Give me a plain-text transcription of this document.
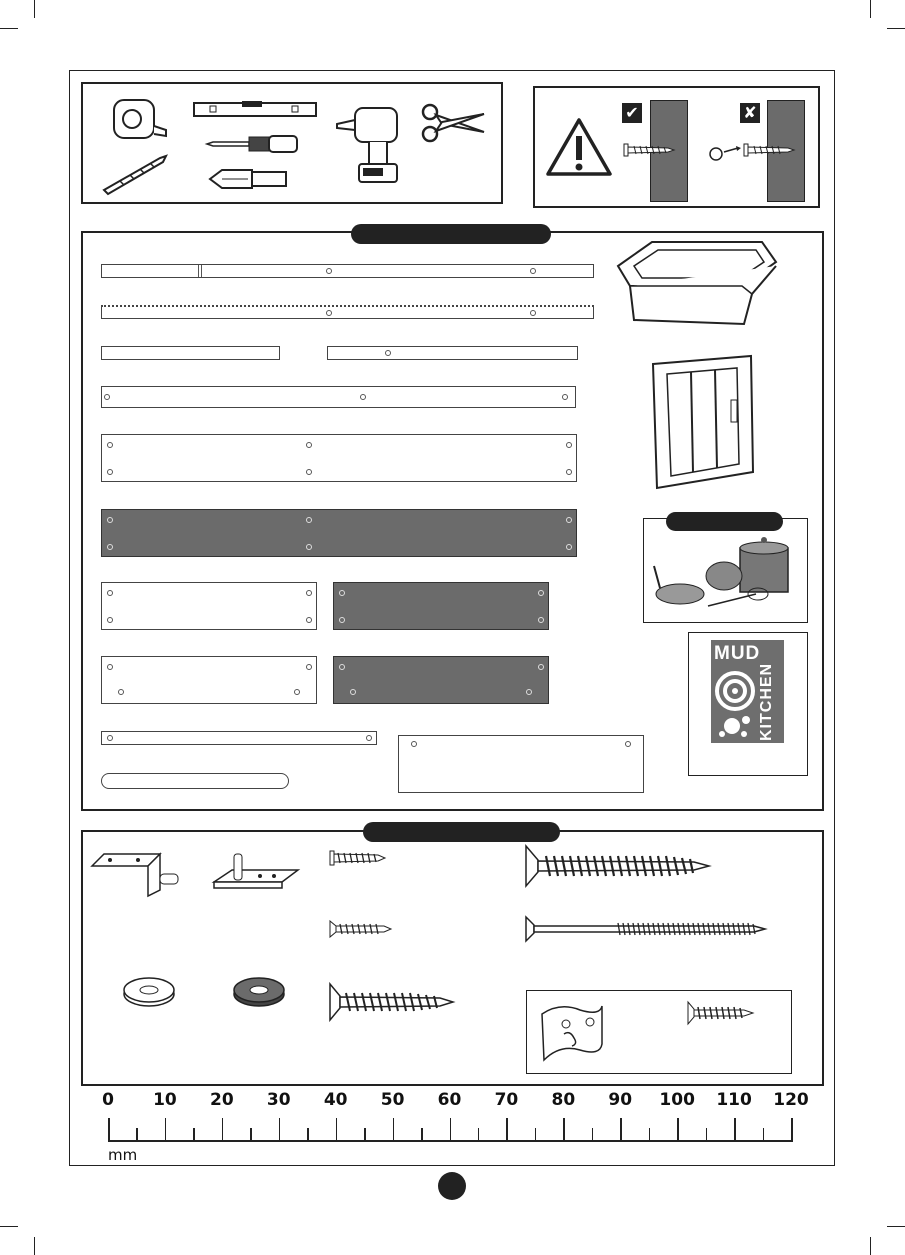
✔	✘
MUD
KITCHEN
0 10 20 30 40 50 60 70 80 90 100 110 120
mm
